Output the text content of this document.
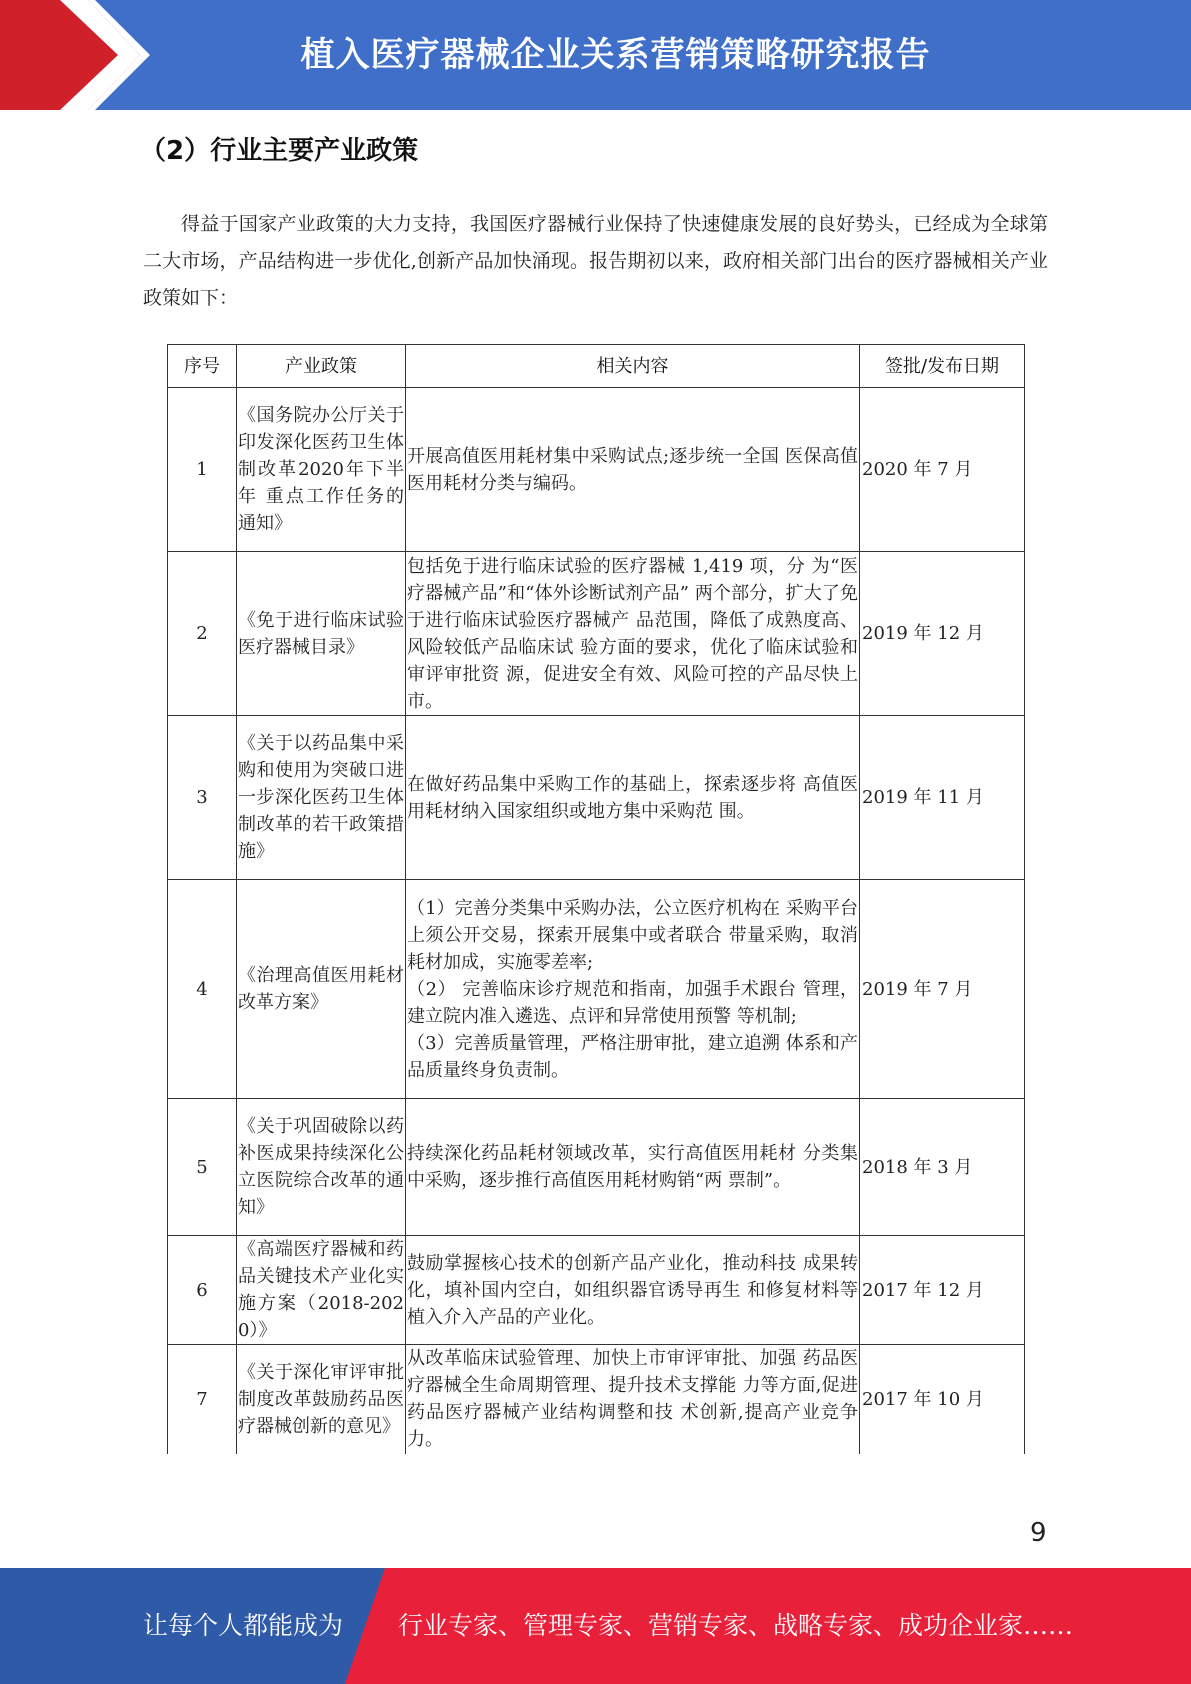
植入医疗器械企业关系营销策略研究报告
（2）行业主要产业政策
得益于国家产业政策的大力支持，我国医疗器械行业保持了快速健康发展的良好势头，已经成为全球第二大市场，产品结构进一步优化,创新产品加快涌现。报告期初以来，政府相关部门出台的医疗器械相关产业政策如下：
序号	产业政策	相关内容	签批/发布日期
1	《国务院办公厅关于印发深化医药卫生体制改革2020年下半年 重点工作任务的 通知》	开展高值医用耗材集中采购试点;逐步统一全国 医保高值医用耗材分类与编码。	2020 年 7 月
2	《免于进行临床试验医疗器械目录》	包括免于进行临床试验的医疗器械 1,419 项，分 为“医疗器械产品”和“体外诊断试剂产品” 两个部分，扩大了免于进行临床试验医疗器械产 品范围，降低了成熟度高、风险较低产品临床试 验方面的要求，优化了临床试验和审评审批资 源，促进安全有效、风险可控的产品尽快上市。	2019 年 12 月
3	《关于以药品集中采购和使用为突破口进一步深化医药卫生体制改革的若干政策措施》	在做好药品集中采购工作的基础上，探索逐步将 高值医用耗材纳入国家组织或地方集中采购范 围。	2019 年 11 月
4	《治理高值医用耗材改革方案》	（1）完善分类集中采购办法，公立医疗机构在 采购平台上须公开交易，探索开展集中或者联合 带量采购，取消耗材加成，实施零差率;
（2） 完善临床诊疗规范和指南，加强手术跟台 管理，建立院内准入遴选、点评和异常使用预警 等机制;
（3）完善质量管理，严格注册审批，建立追溯 体系和产品质量终身负责制。	2019 年 7 月
5	《关于巩固破除以药补医成果持续深化公立医院综合改革的通 知》	持续深化药品耗材领域改革，实行高值医用耗材 分类集中采购，逐步推行高值医用耗材购销“两 票制”。	2018 年 3 月
6	《高端医疗器械和药品关键技术产业化实施方案（2018-2020）》	鼓励掌握核心技术的创新产品产业化，推动科技 成果转化，填补国内空白，如组织器官诱导再生 和修复材料等植入介入产品的产业化。	2017 年 12 月
7	《关于深化审评审批制度改革鼓励药品医疗器械创新的意见》	从改革临床试验管理、加快上市审评审批、加强 药品医疗器械全生命周期管理、提升技术支撑能 力等方面,促进药品医疗器械产业结构调整和技 术创新,提高产业竞争力。	2017 年 10 月
9
让每个人都能成为 行业专家、管理专家、营销专家、战略专家、成功企业家……
